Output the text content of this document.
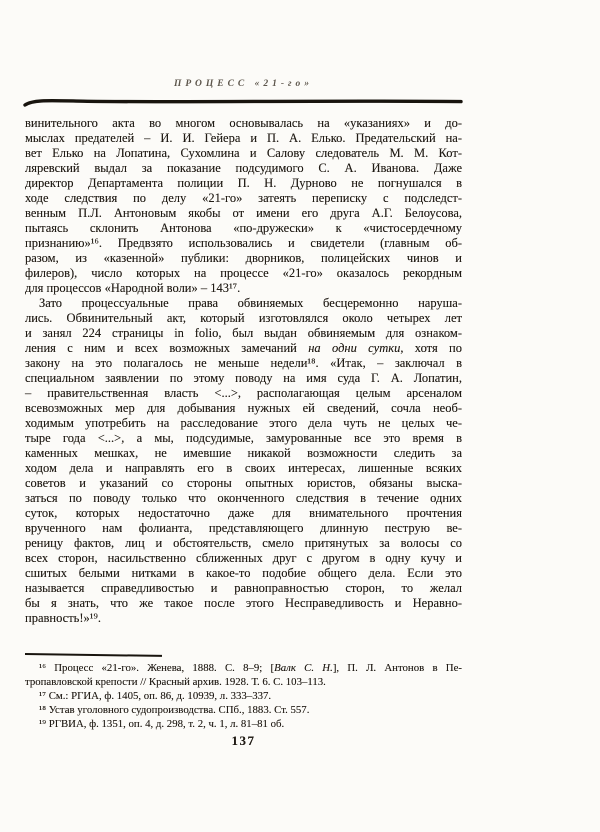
ПРОЦЕСС «21-го»
винительного акта во многом основывалась на «указаниях» и до-
мыслах предателей – И. И. Гейера и П. А. Елько. Предательский на-
вет Елько на Лопатина, Сухомлина и Салову следователь М. М. Кот-
ляревский выдал за показание подсудимого С. А. Иванова. Даже
директор Департамента полиции П. Н. Дурново не погнушался в
ходе следствия по делу «21-го» затеять переписку с подследст-
венным П.Л. Антоновым якобы от имени его друга А.Г. Белоусова,
пытаясь склонить Антонова «по-дружески» к «чистосердечному
признанию»¹⁶. Предвзято использовались и свидетели (главным об-
разом, из «казенной» публики: дворников, полицейских чинов и
филеров), число которых на процессе «21-го» оказалось рекордным
для процессов «Народной воли» – 143¹⁷.
Зато процессуальные права обвиняемых бесцеремонно наруша-
лись. Обвинительный акт, который изготовлялся около четырех лет
и занял 224 страницы in folio, был выдан обвиняемым для ознаком-
ления с ним и всех возможных замечаний на одни сутки, хотя по
закону на это полагалось не меньше недели¹⁸. «Итак, – заключал в
специальном заявлении по этому поводу на имя суда Г. А. Лопатин,
– правительственная власть <...>, располагающая целым арсеналом
всевозможных мер для добывания нужных ей сведений, сочла необ-
ходимым употребить на расследование этого дела чуть не целых че-
тыре года <...>, а мы, подсудимые, замурованные все это время в
каменных мешках, не имевшие никакой возможности следить за
ходом дела и направлять его в своих интересах, лишенные всяких
советов и указаний со стороны опытных юристов, обязаны выска-
заться по поводу только что оконченного следствия в течение одних
суток, которых недостаточно даже для внимательного прочтения
врученного нам фолианта, представляющего длинную пеструю ве-
реницу фактов, лиц и обстоятельств, смело притянутых за волосы со
всех сторон, насильственно сближенных друг с другом в одну кучу и
сшитых белыми нитками в какое-то подобие общего дела. Если это
называется справедливостью и равноправностью сторон, то желал
бы я знать, что же такое после этого Несправедливость и Неравно-
правность!»¹⁹.
¹⁶ Процесс «21-го». Женева, 1888. С. 8–9; [Валк С. Н.], П. Л. Антонов в Пе-
тропавловской крепости // Красный архив. 1928. Т. 6. С. 103–113.
¹⁷ См.: РГИА, ф. 1405, оп. 86, д. 10939, л. 333–337.
¹⁸ Устав уголовного судопроизводства. СПб., 1883. Ст. 557.
¹⁹ РГВИА, ф. 1351, оп. 4, д. 298, т. 2, ч. 1, л. 81–81 об.
137
